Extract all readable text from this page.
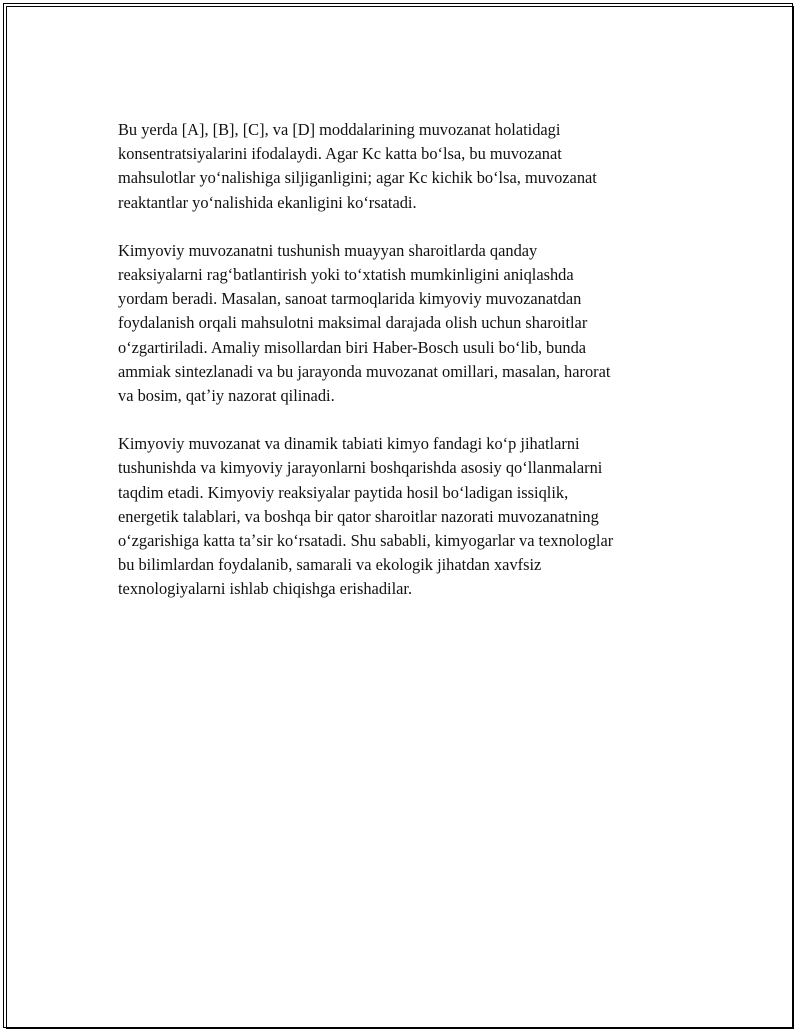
Bu yerda [A], [B], [C], va [D] moddalarining muvozanat holatidagi
konsentratsiyalarini ifodalaydi. Agar Kc katta boʻlsa, bu muvozanat
mahsulotlar yoʻnalishiga siljiganligini; agar Kc kichik boʻlsa, muvozanat
reaktantlar yoʻnalishida ekanligini koʻrsatadi.

Kimyoviy muvozanatni tushunish muayyan sharoitlarda qanday
reaksiyalarni ragʻbatlantirish yoki toʻxtatish mumkinligini aniqlashda
yordam beradi. Masalan, sanoat tarmoqlarida kimyoviy muvozanatdan
foydalanish orqali mahsulotni maksimal darajada olish uchun sharoitlar
oʻzgartiriladi. Amaliy misollardan biri Haber-Bosch usuli boʻlib, bunda
ammiak sintezlanadi va bu jarayonda muvozanat omillari, masalan, harorat
va bosim, qatʼiy nazorat qilinadi.

Kimyoviy muvozanat va dinamik tabiati kimyo fandagi koʻp jihatlarni
tushunishda va kimyoviy jarayonlarni boshqarishda asosiy qoʻllanmalarni
taqdim etadi. Kimyoviy reaksiyalar paytida hosil boʻladigan issiqlik,
energetik talablari, va boshqa bir qator sharoitlar nazorati muvozanatning
oʻzgarishiga katta taʼsir koʻrsatadi. Shu sababli, kimyogarlar va texnologlar
bu bilimlardan foydalanib, samarali va ekologik jihatdan xavfsiz
texnologiyalarni ishlab chiqishga erishadilar.
